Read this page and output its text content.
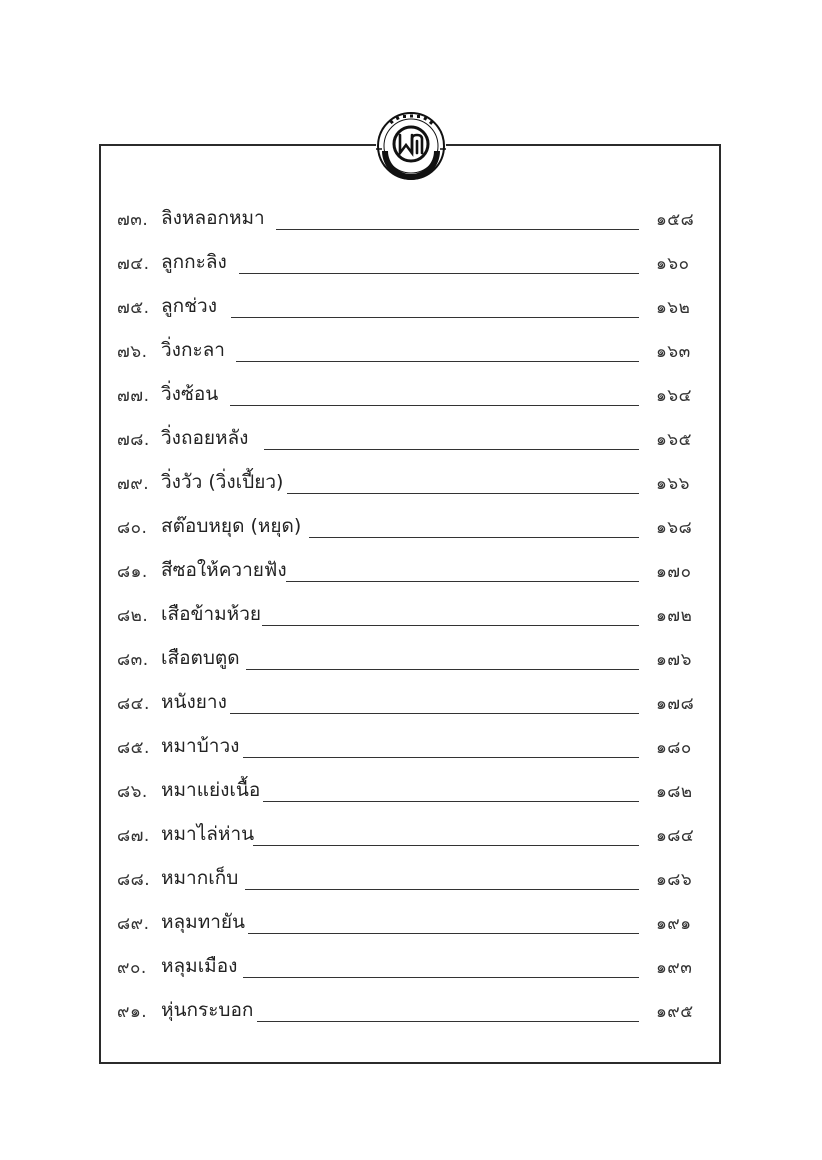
๗๓. ลิงหลอกหมา	๑๕๘
๗๔. ลูกกะลิง	๑๖๐
๗๕. ลูกช่วง	๑๖๒
๗๖. วิ่งกะลา	๑๖๓
๗๗. วิ่งซ้อน	๑๖๔
๗๘. วิ่งถอยหลัง	๑๖๕
๗๙. วิ่งวัว (วิ่งเปี้ยว)	๑๖๖
๘๐. สต๊อบหยุด (หยุด)	๑๖๘
๘๑. สีซอให้ควายฟัง	๑๗๐
๘๒. เสือข้ามห้วย	๑๗๒
๘๓. เสือตบตูด	๑๗๖
๘๔. หนังยาง	๑๗๘
๘๕. หมาบ้าวง	๑๘๐
๘๖. หมาแย่งเนื้อ	๑๘๒
๘๗. หมาไล่ห่าน	๑๘๔
๘๘. หมากเก็บ	๑๘๖
๘๙. หลุมทายัน	๑๙๑
๙๐. หลุมเมือง	๑๙๓
๙๑. หุ่นกระบอก	๑๙๕
